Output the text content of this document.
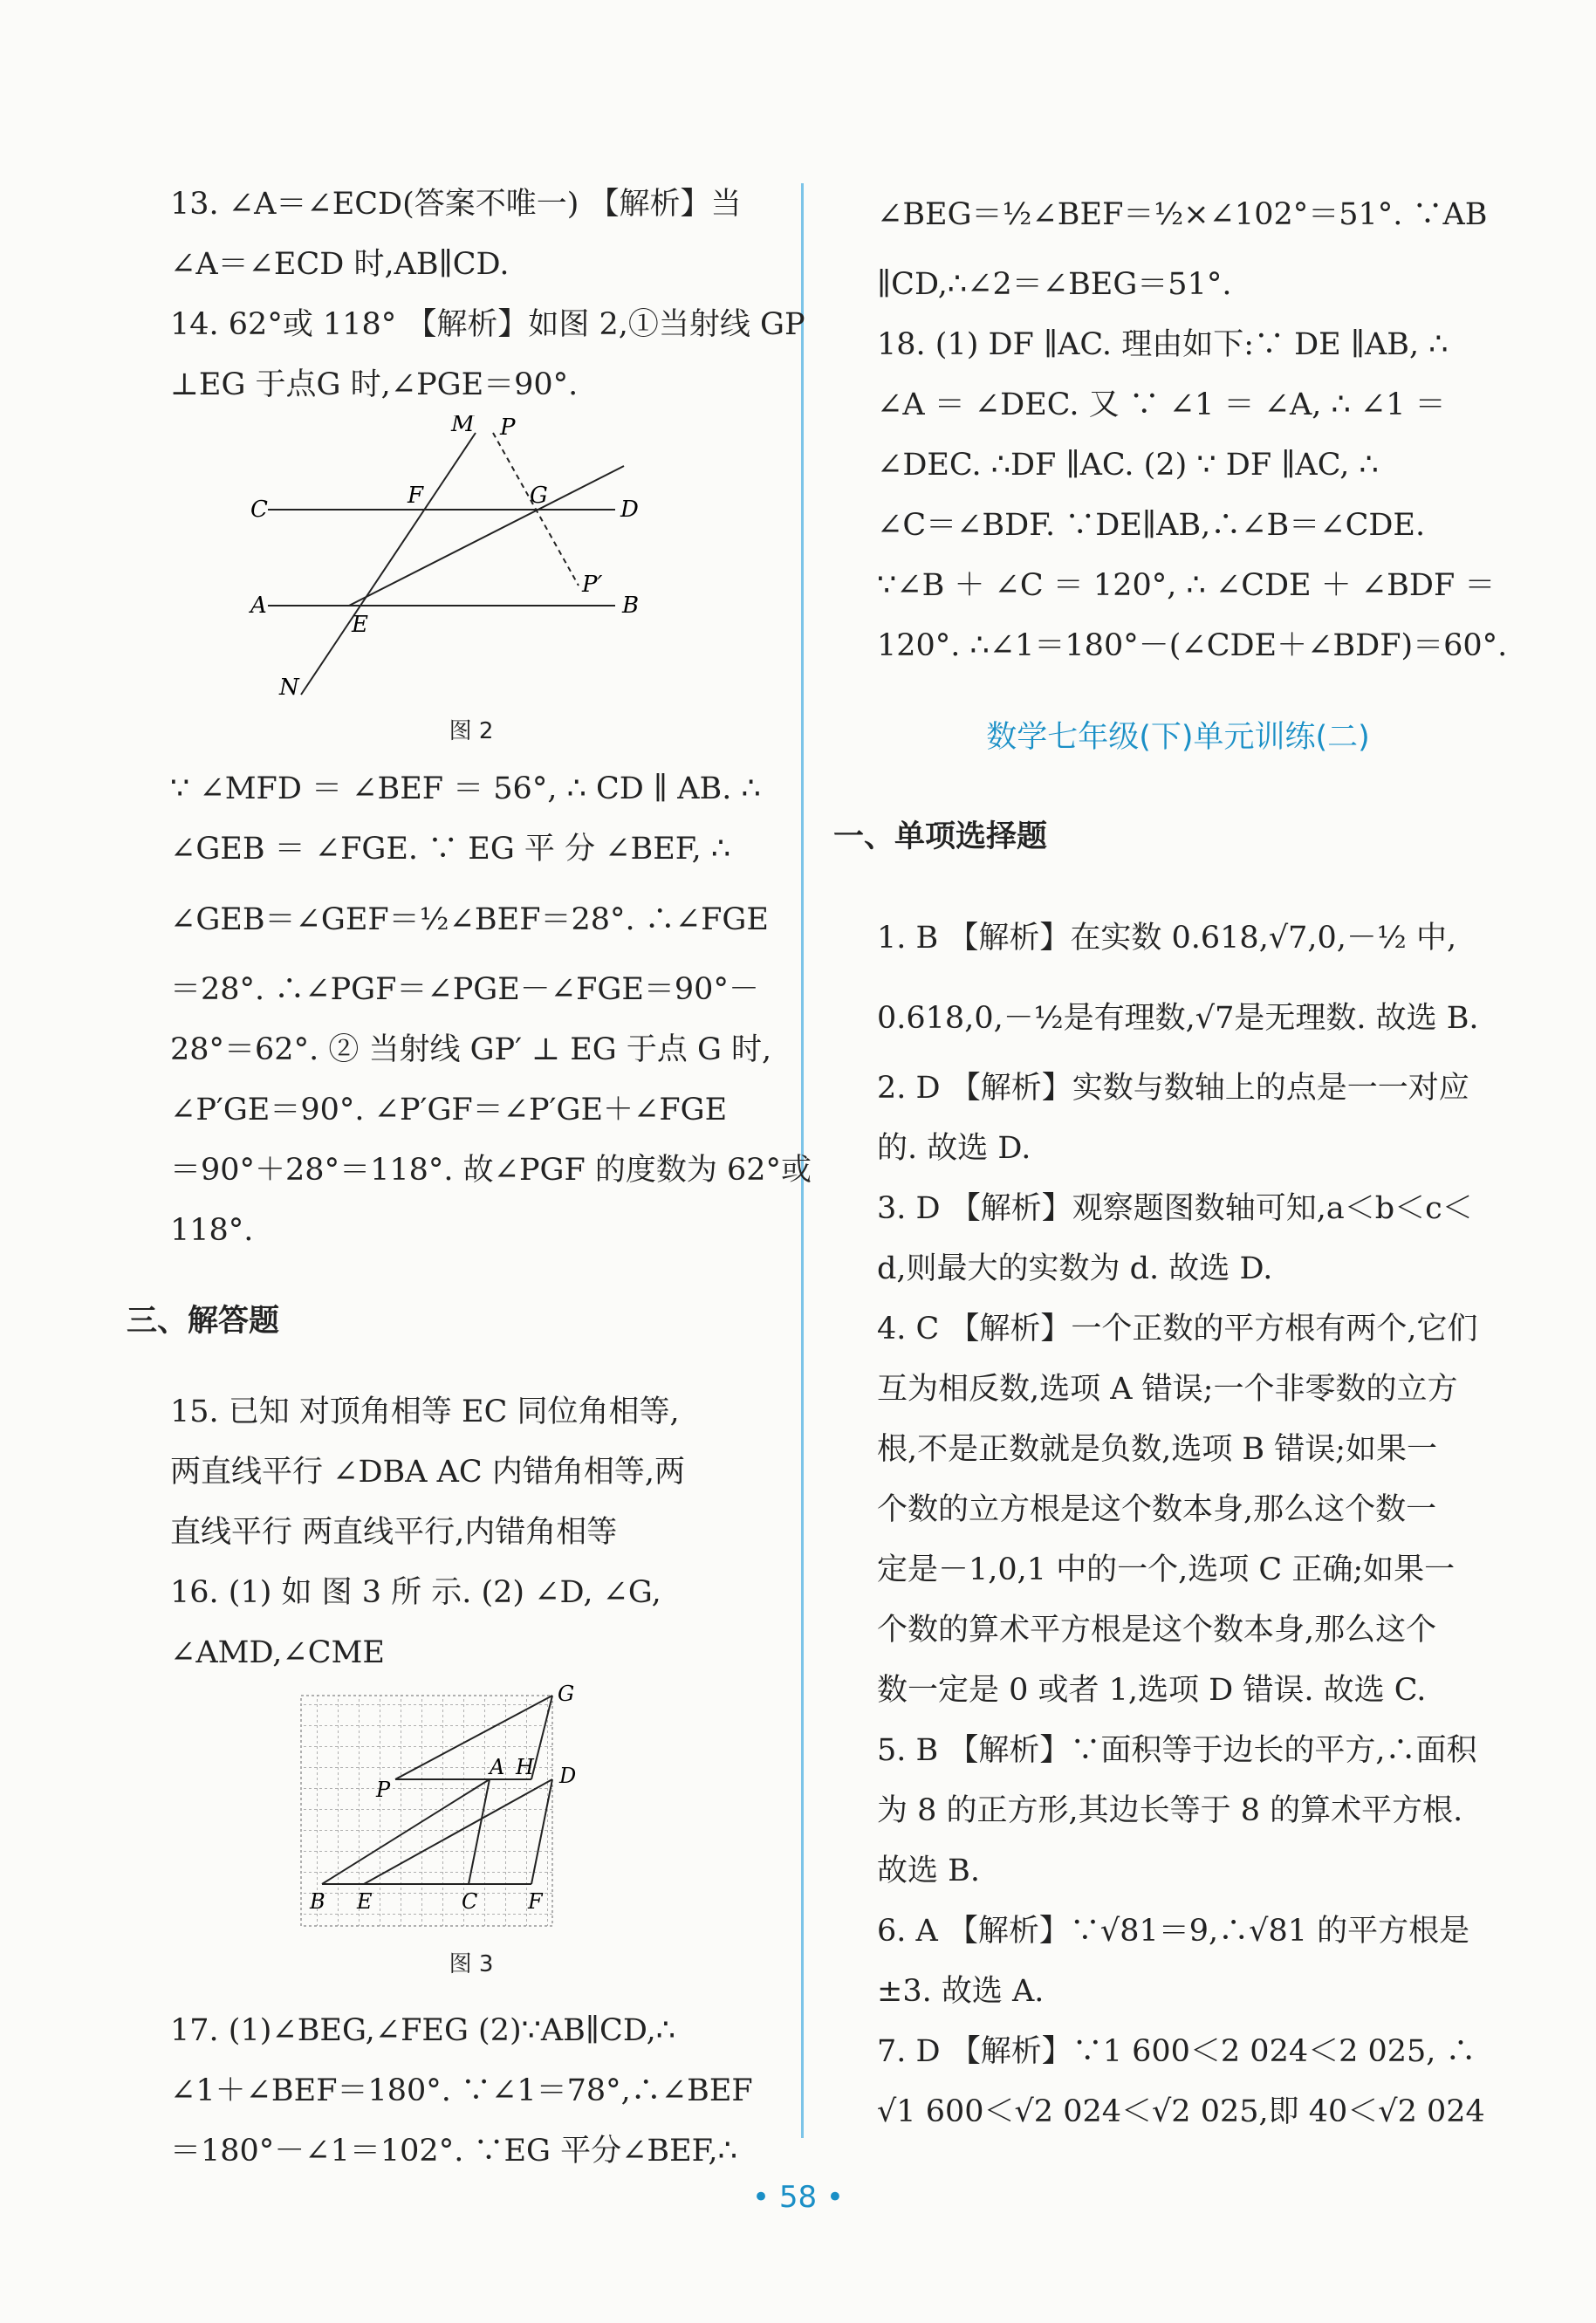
13. ∠A＝∠ECD(答案不唯一) 【解析】当

∠A＝∠ECD 时,AB∥CD.

14. 62°或 118° 【解析】如图 2,①当射线 GP

⊥EG 于点G 时,∠PGE＝90°.

M P
C
F	G
D
A
E
B
N
P′

图 2

∵ ∠MFD ＝ ∠BEF ＝ 56°, ∴ CD ∥ AB. ∴

∠GEB ＝ ∠FGE. ∵ EG 平 分 ∠BEF, ∴

∠GEB＝∠GEF＝½∠BEF＝28°. ∴∠FGE

＝28°. ∴∠PGF＝∠PGE－∠FGE＝90°－

28°＝62°. ② 当射线 GP′ ⊥ EG 于点 G 时,

∠P′GE＝90°. ∠P′GF＝∠P′GE＋∠FGE

＝90°＋28°＝118°. 故∠PGF 的度数为 62°或

118°.

三、解答题

15. 已知 对顶角相等 EC 同位角相等,

两直线平行 ∠DBA AC 内错角相等,两

直线平行 两直线平行,内错角相等

16. (1) 如 图 3 所 示. (2) ∠D, ∠G,

∠AMD,∠CME

G
A H
P
D
B E	C F

图 3

17. (1)∠BEG,∠FEG (2)∵AB∥CD,∴

∠1＋∠BEF＝180°. ∵∠1＝78°,∴∠BEF

＝180°－∠1＝102°. ∵EG 平分∠BEF,∴

∠BEG＝½∠BEF＝½×∠102°＝51°. ∵AB

∥CD,∴∠2＝∠BEG＝51°.

18. (1) DF ∥AC. 理由如下:∵ DE ∥AB, ∴

∠A ＝ ∠DEC. 又 ∵ ∠1 ＝ ∠A, ∴ ∠1 ＝

∠DEC. ∴DF ∥AC. (2) ∵ DF ∥AC, ∴

∠C＝∠BDF. ∵DE∥AB,∴∠B＝∠CDE.

∵∠B ＋ ∠C ＝ 120°, ∴ ∠CDE ＋ ∠BDF ＝

120°. ∴∠1＝180°－(∠CDE＋∠BDF)＝60°.

数学七年级(下)单元训练(二)

一、单项选择题

1. B 【解析】在实数 0.618,√7,0,－½ 中,

0.618,0,－½是有理数,√7是无理数. 故选 B.

2. D 【解析】实数与数轴上的点是一一对应

的. 故选 D.

3. D 【解析】观察题图数轴可知,a＜b＜c＜

d,则最大的实数为 d. 故选 D.

4. C 【解析】一个正数的平方根有两个,它们

互为相反数,选项 A 错误;一个非零数的立方

根,不是正数就是负数,选项 B 错误;如果一

个数的立方根是这个数本身,那么这个数一

定是－1,0,1 中的一个,选项 C 正确;如果一

个数的算术平方根是这个数本身,那么这个

数一定是 0 或者 1,选项 D 错误. 故选 C.

5. B 【解析】∵面积等于边长的平方,∴面积

为 8 的正方形,其边长等于 8 的算术平方根.

故选 B.

6. A 【解析】∵√81＝9,∴√81 的平方根是

±3. 故选 A.

7. D 【解析】∵1 600＜2 024＜2 025, ∴

√1 600＜√2 024＜√2 025,即 40＜√2 024

• 58 •
